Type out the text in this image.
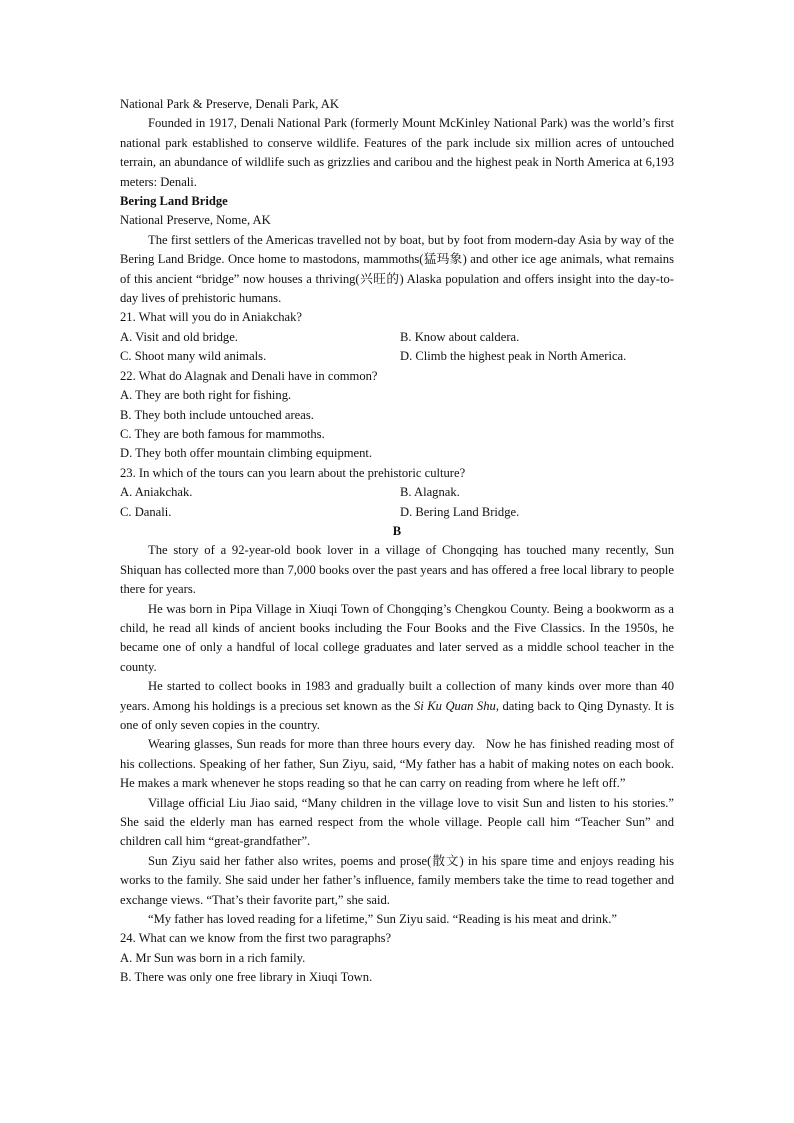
National Park & Preserve, Denali Park, AK

Founded in 1917, Denali National Park (formerly Mount McKinley National Park) was the world’s first national park established to conserve wildlife. Features of the park include six million acres of untouched terrain, an abundance of wildlife such as grizzlies and caribou and the highest peak in North America at 6,193 meters: Denali.

Bering Land Bridge

National Preserve, Nome, AK

The first settlers of the Americas travelled not by boat, but by foot from modern-day Asia by way of the Bering Land Bridge. Once home to mastodons, mammoths(猛玛象) and other ice age animals, what remains of this ancient “bridge” now houses a thriving(兴旺的) Alaska population and offers insight into the day-to-day lives of prehistoric humans.

21. What will you do in Aniakchak?

A. Visit and old bridge.	B. Know about caldera.
C. Shoot many wild animals.	D. Climb the highest peak in North America.

22. What do Alagnak and Denali have in common?

A. They are both right for fishing.

B. They both include untouched areas.

C. They are both famous for mammoths.

D. They both offer mountain climbing equipment.

23. In which of the tours can you learn about the prehistoric culture?

A. Aniakchak.	B. Alagnak.
C. Danali.	D. Bering Land Bridge.

B

The story of a 92-year-old book lover in a village of Chongqing has touched many recently, Sun Shiquan has collected more than 7,000 books over the past years and has offered a free local library to people there for years.

He was born in Pipa Village in Xiuqi Town of Chongqing’s Chengkou County. Being a bookworm as a child, he read all kinds of ancient books including the Four Books and the Five Classics. In the 1950s, he became one of only a handful of local college graduates and later served as a middle school teacher in the county.

He started to collect books in 1983 and gradually built a collection of many kinds over more than 40 years. Among his holdings is a precious set known as the Si Ku Quan Shu, dating back to Qing Dynasty. It is one of only seven copies in the country.

Wearing glasses, Sun reads for more than three hours every day.   Now he has finished reading most of his collections. Speaking of her father, Sun Ziyu, said, “My father has a habit of making notes on each book. He makes a mark whenever he stops reading so that he can carry on reading from where he left off.”

Village official Liu Jiao said, “Many children in the village love to visit Sun and listen to his stories.” She said the elderly man has earned respect from the whole village. People call him “Teacher Sun” and children call him “great-grandfather”.

Sun Ziyu said her father also writes, poems and prose(散文) in his spare time and enjoys reading his works to the family. She said under her father’s influence, family members take the time to read together and exchange views. “That’s their favorite part,” she said.

“My father has loved reading for a lifetime,” Sun Ziyu said. “Reading is his meat and drink.”

24. What can we know from the first two paragraphs?

A. Mr Sun was born in a rich family.

B. There was only one free library in Xiuqi Town.
